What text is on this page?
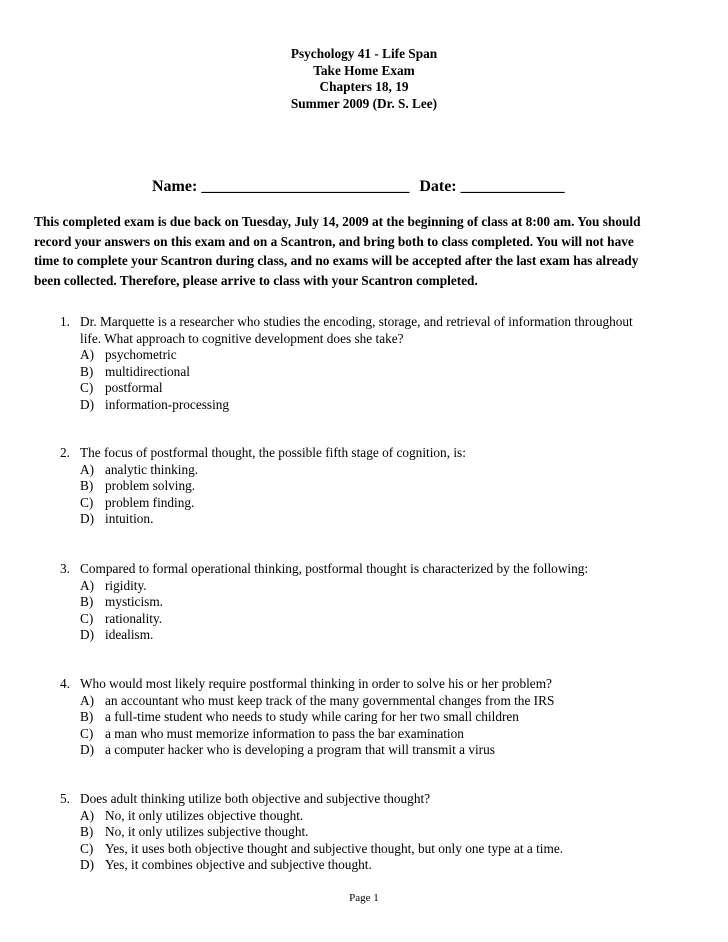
Psychology 41 - Life Span
Take Home Exam
Chapters 18, 19
Summer 2009 (Dr. S. Lee)
Name: __________________________ Date: _____________
This completed exam is due back on Tuesday, July 14, 2009 at the beginning of class at 8:00 am. You should
record your answers on this exam and on a Scantron, and bring both to class completed. You will not have
time to complete your Scantron during class, and no exams will be accepted after the last exam has already
been collected. Therefore, please arrive to class with your Scantron completed.
1. Dr. Marquette is a researcher who studies the encoding, storage, and retrieval of information throughout
life. What approach to cognitive development does she take?
A) psychometric
B) multidirectional
C) postformal
D) information-processing
2. The focus of postformal thought, the possible fifth stage of cognition, is:
A) analytic thinking.
B) problem solving.
C) problem finding.
D) intuition.
3. Compared to formal operational thinking, postformal thought is characterized by the following:
A) rigidity.
B) mysticism.
C) rationality.
D) idealism.
4. Who would most likely require postformal thinking in order to solve his or her problem?
A) an accountant who must keep track of the many governmental changes from the IRS
B) a full-time student who needs to study while caring for her two small children
C) a man who must memorize information to pass the bar examination
D) a computer hacker who is developing a program that will transmit a virus
5. Does adult thinking utilize both objective and subjective thought?
A) No, it only utilizes objective thought.
B) No, it only utilizes subjective thought.
C) Yes, it uses both objective thought and subjective thought, but only one type at a time.
D) Yes, it combines objective and subjective thought.
Page 1
